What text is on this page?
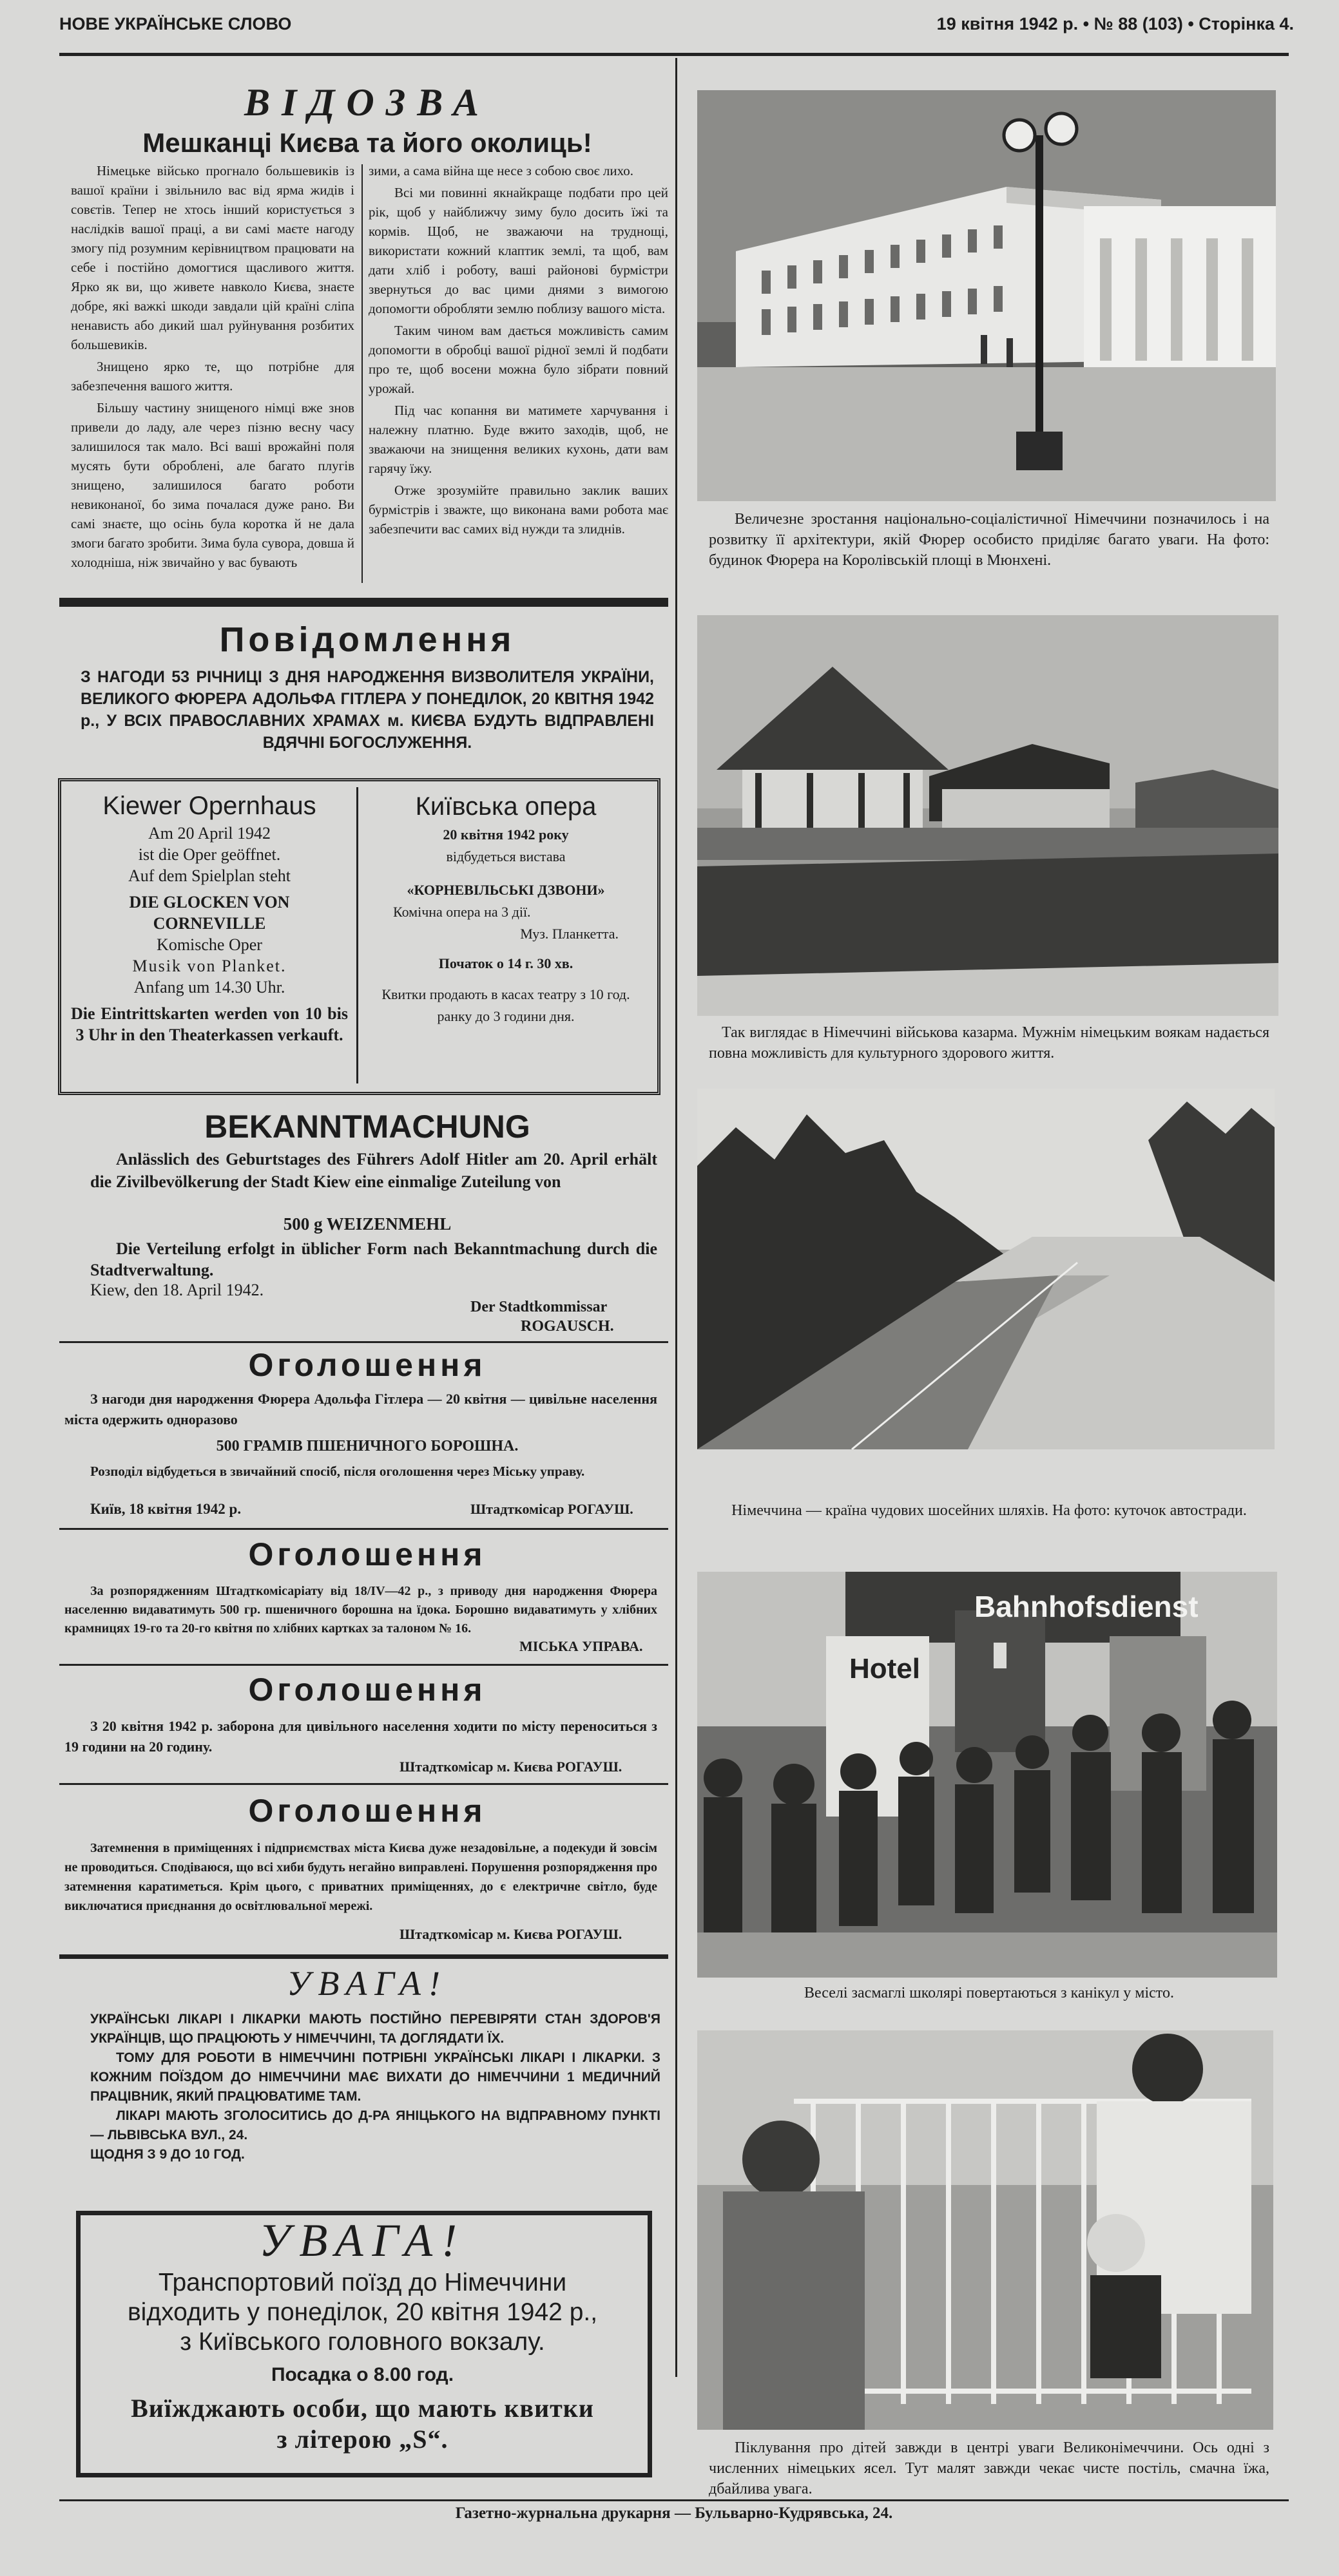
НОВЕ УКРАЇНСЬКЕ СЛОВО	19 квітня 1942 р. • № 88 (103) • Сторінка 4.
ВІДОЗВА
Мешканці Києва та його околиць!

Німецьке військо прогнало большевиків із вашої країни і звільнило вас від ярма жидів і совєтів. Тепер не хтось інший користується з наслідків вашої праці, а ви самі маєте нагоду змогу під розумним керівництвом працювати на себе і постійно домогтися щасливого життя. Ярко як ви, що живете навколо Києва, знаєте добре, які важкі шкоди завдали цій країні сліпа ненависть або дикий шал руйнування розбитих большевиків.

Знищено ярко те, що потрібне для забезпечення вашого життя.

Більшу частину знищеного німці вже знов привели до ладу, але через пізню весну часу залишилося так мало. Всі ваші врожайні поля мусять бути оброблені, але багато плугів знищено, залишилося багато роботи невиконаної, бо зима почалася дуже рано. Ви самі знаєте, що осінь була коротка й не дала змоги багато зробити. Зима була сувора, довша й холодніша, ніж звичайно у вас бувають

зими, а сама війна ще несе з собою своє лихо.

Всі ми повинні якнайкраще подбати про цей рік, щоб у найближчу зиму було досить їжі та кормів. Щоб, не зважаючи на труднощі, використати кожний клаптик землі, та щоб, вам дати хліб і роботу, ваші районові бурмістри звернуться до вас цими днями з вимогою допомогти обробляти землю поблизу вашого міста.

Таким чином вам дається можливість самим допомогти в обробці вашої рідної землі й подбати про те, щоб восени можна було зібрати повний урожай.

Під час копання ви матимете харчування і належну платню. Буде вжито заходів, щоб, не зважаючи на знищення великих кухонь, дати вам гарячу їжу.

Отже зрозумійте правильно заклик ваших бурмістрів і зважте, що виконана вами робота має забезпечити вас самих від нужди та злиднів.

Повідомлення
З НАГОДИ 53 РІЧНИЦІ З ДНЯ НАРОДЖЕННЯ ВИЗВОЛИТЕЛЯ УКРАЇНИ, ВЕЛИКОГО ФЮРЕРА АДОЛЬФА ГІТЛЕРА У ПОНЕДІЛОК, 20 КВІТНЯ 1942 р., У ВСІХ ПРАВОСЛАВНИХ ХРАМАХ м. КИЄВА БУДУТЬ ВІДПРАВЛЕНІ ВДЯЧНІ БОГОСЛУЖЕННЯ.
Kiewer Opernhaus
Am 20 April 1942
ist die Oper geöffnet.
Auf dem Spielplan steht
DIE GLOCKEN VON CORNEVILLE
Komische Oper
Musik von Planket.
Anfang um 14.30 Uhr.
Die Eintrittskarten werden von 10 bis 3 Uhr in den Theaterkassen verkauft.
Київська опера
20 квітня 1942 року
відбудеться вистава
«КОРНЕВІЛЬСЬКІ ДЗВОНИ»
Комічна опера на 3 дії.
Муз. Планкетта.
Початок о 14 г. 30 хв.
Квитки продають в касах театру з 10 год. ранку до 3 години дня.
BEKANNTMACHUNG
Anlässlich des Geburtstages des Führers Adolf Hitler am 20. April erhält die Zivilbevölkerung der Stadt Kiew eine einmalige Zuteilung von
500 g WEIZENMEHL
Die Verteilung erfolgt in üblicher Form nach Bekanntmachung durch die Stadtverwaltung.
Kiew, den 18. April 1942.
Der Stadtkommissar
ROGAUSCH.
Оголошення
З нагоди дня народження Фюрера Адольфа Гітлера — 20 квітня — цивільне населення міста одержить одноразово
500 ГРАМІВ ПШЕНИЧНОГО БОРОШНА.
Розподіл відбудеться в звичайний спосіб, після оголошення через Міську управу.
Київ, 18 квітня 1942 р.	Штадткомісар РОГАУШ.
Оголошення
За розпорядженням Штадткомісаріату від 18/IV—42 р., з приводу дня народження Фюрера населенню видаватимуть 500 гр. пшеничного борошна на їдока. Борошно видаватимуть у хлібних крамницях 19-го та 20-го квітня по хлібних картках за талоном № 16.
МІСЬКА УПРАВА.
Оголошення
З 20 квітня 1942 р. заборона для цивільного населення ходити по місту переноситься з 19 години на 20 годину.
Штадткомісар м. Києва РОГАУШ.
Оголошення
Затемнення в приміщеннях і підприємствах міста Києва дуже незадовільне, а подекуди й зовсім не проводиться. Сподіваюся, що всі хиби будуть негайно виправлені. Порушення розпорядження про затемнення каратиметься. Крім цього, с приватних приміщеннях, до є електричне світло, буде виключатися приєднання до освітлювальної мережі.
Штадткомісар м. Києва РОГАУШ.
УВАГА!
УКРАЇНСЬКІ ЛІКАРІ І ЛІКАРКИ МАЮТЬ ПОСТІЙНО ПЕРЕВІРЯТИ СТАН ЗДОРОВ'Я УКРАЇНЦІВ, ЩО ПРАЦЮЮТЬ У НІМЕЧЧИНІ, ТА ДОГЛЯДАТИ ЇХ.
ТОМУ ДЛЯ РОБОТИ В НІМЕЧЧИНІ ПОТРІБНІ УКРАЇНСЬКІ ЛІКАРІ І ЛІКАРКИ. З КОЖНИМ ПОЇЗДОМ ДО НІМЕЧЧИНИ МАЄ ВИХАТИ ДО НІМЕЧЧИНИ 1 МЕДИЧНИЙ ПРАЦІВНИК, ЯКИЙ ПРАЦЮВАТИМЕ ТАМ.
ЛІКАРІ МАЮТЬ ЗГОЛОСИТИСЬ ДО Д-РА ЯНІЦЬКОГО НА ВІДПРАВНОМУ ПУНКТІ — ЛЬВІВСЬКА ВУЛ., 24.
ЩОДНЯ З 9 ДО 10 ГОД.
УВАГА!
Транспортовий поїзд до Німеччини
відходить у понеділок, 20 квітня 1942 р.,
з Київського головного вокзалу.
Посадка о 8.00 год.
Виїжджають особи, що мають квитки
з літерою „S“.
Величезне зростання національно-соціалістичної Німеччини позначилось і на розвитку її архітектури, якій Фюрер особисто приділяє багато уваги. На фото: будинок Фюрера на Королівській площі в Мюнхені.
Так виглядає в Німеччині військова казарма. Мужнім німецьким воякам надається повна можливість для культурного здорового життя.
Німеччина — країна чудових шосейних шляхів. На фото: куточок автостради.
Bahnhofsdienst
Hotel
Веселі засмаглі школярі повертаються з канікул у місто.
Піклування про дітей завжди в центрі уваги Великонімеччини. Ось одні з численних німецьких ясел. Тут малят завжди чекає чисте постіль, смачна їжа, дбайлива увага.
Газетно-журнальна друкарня — Бульварно-Кудрявська, 24.
